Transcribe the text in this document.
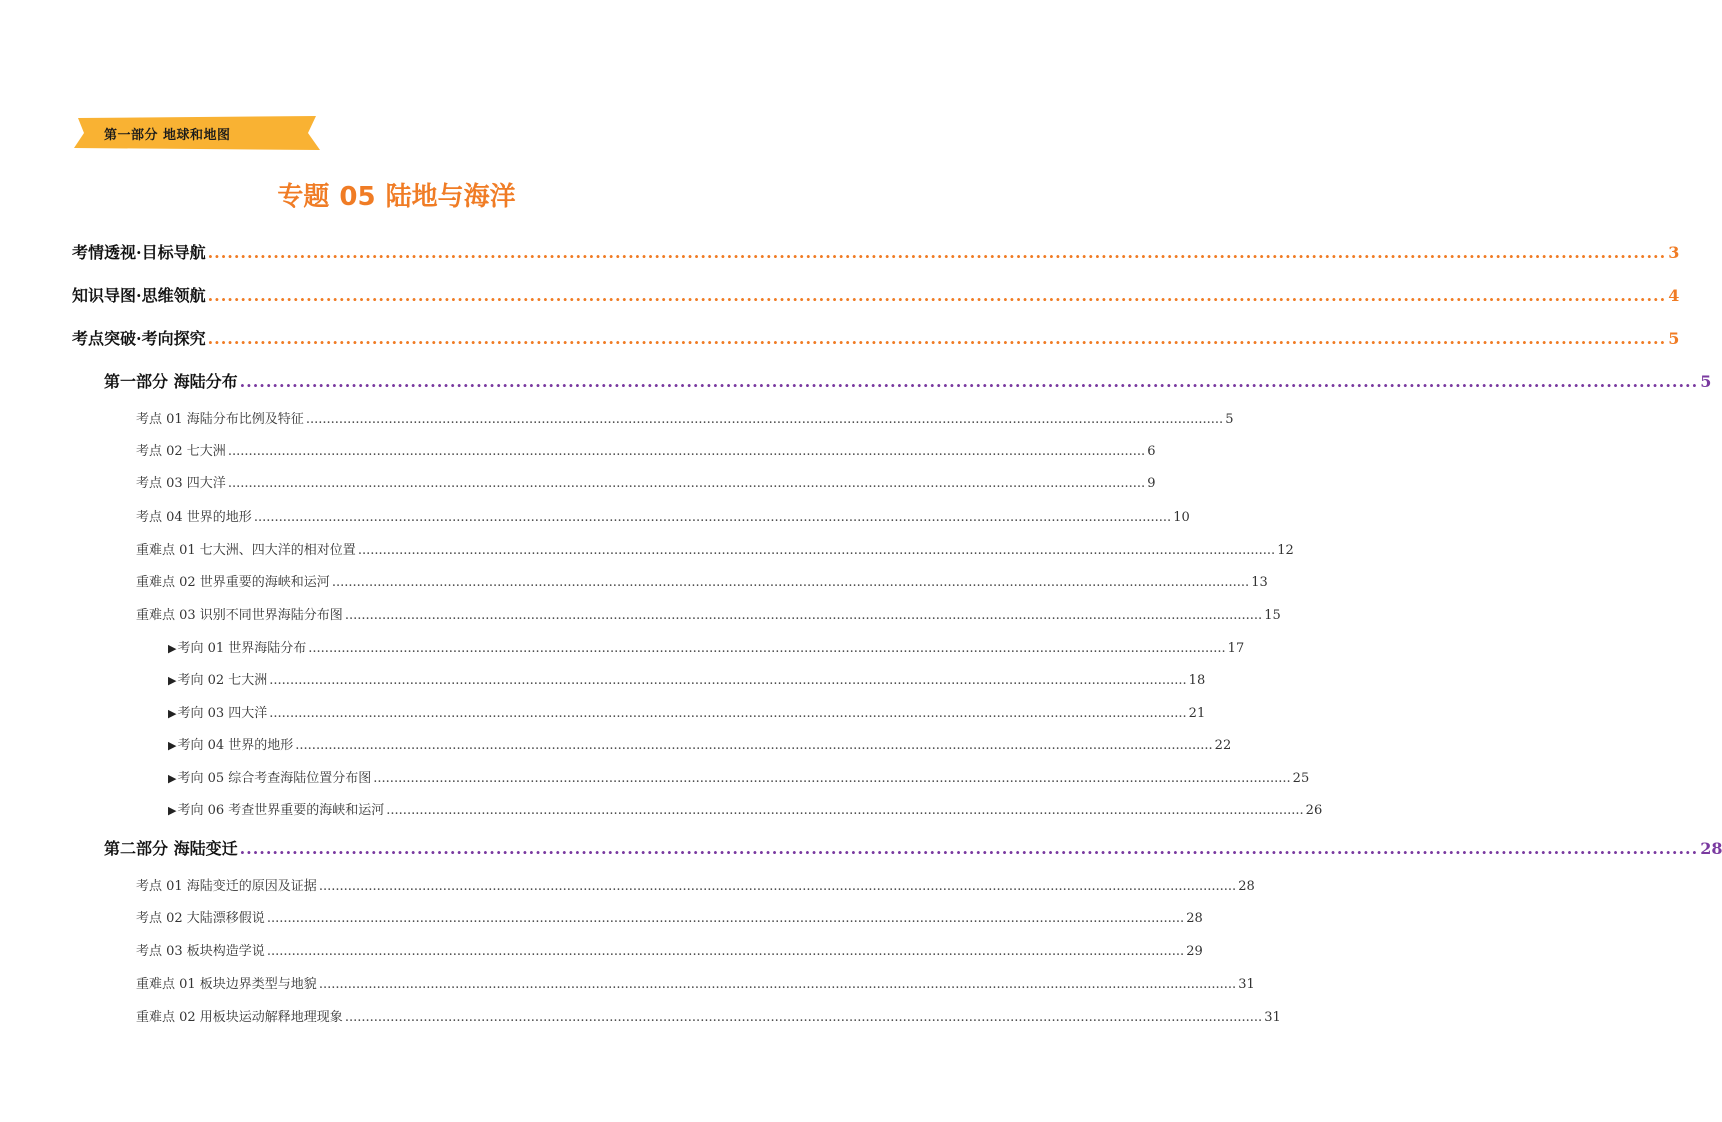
第一部分 地球和地图
专题 05 陆地与海洋
考情透视·目标导航 .............................................................................................................................................................................................................................. 3
知识导图·思维领航 .............................................................................................................................................................................................................................. 4
考点突破·考向探究 .............................................................................................................................................................................................................................. 5
第一部分 海陆分布 .............................................................................................................................................................................................................................. 5
考点 01 海陆分布比例及特征 .............................................................................................................................................................................................................................. 5
考点 02 七大洲 .............................................................................................................................................................................................................................. 6
考点 03 四大洋 .............................................................................................................................................................................................................................. 9
考点 04 世界的地形 .............................................................................................................................................................................................................................. 10
重难点 01 七大洲、四大洋的相对位置 .............................................................................................................................................................................................................................. 12
重难点 02 世界重要的海峡和运河 .............................................................................................................................................................................................................................. 13
重难点 03 识别不同世界海陆分布图 .............................................................................................................................................................................................................................. 15
▶考向 01 世界海陆分布 .............................................................................................................................................................................................................................. 17
▶考向 02 七大洲 .............................................................................................................................................................................................................................. 18
▶考向 03 四大洋 .............................................................................................................................................................................................................................. 21
▶考向 04 世界的地形 .............................................................................................................................................................................................................................. 22
▶考向 05 综合考查海陆位置分布图 .............................................................................................................................................................................................................................. 25
▶考向 06 考查世界重要的海峡和运河 .............................................................................................................................................................................................................................. 26
第二部分 海陆变迁 .............................................................................................................................................................................................................................. 28
考点 01 海陆变迁的原因及证据 .............................................................................................................................................................................................................................. 28
考点 02 大陆漂移假说 .............................................................................................................................................................................................................................. 28
考点 03 板块构造学说 .............................................................................................................................................................................................................................. 29
重难点 01 板块边界类型与地貌 .............................................................................................................................................................................................................................. 31
重难点 02 用板块运动解释地理现象 .............................................................................................................................................................................................................................. 31
